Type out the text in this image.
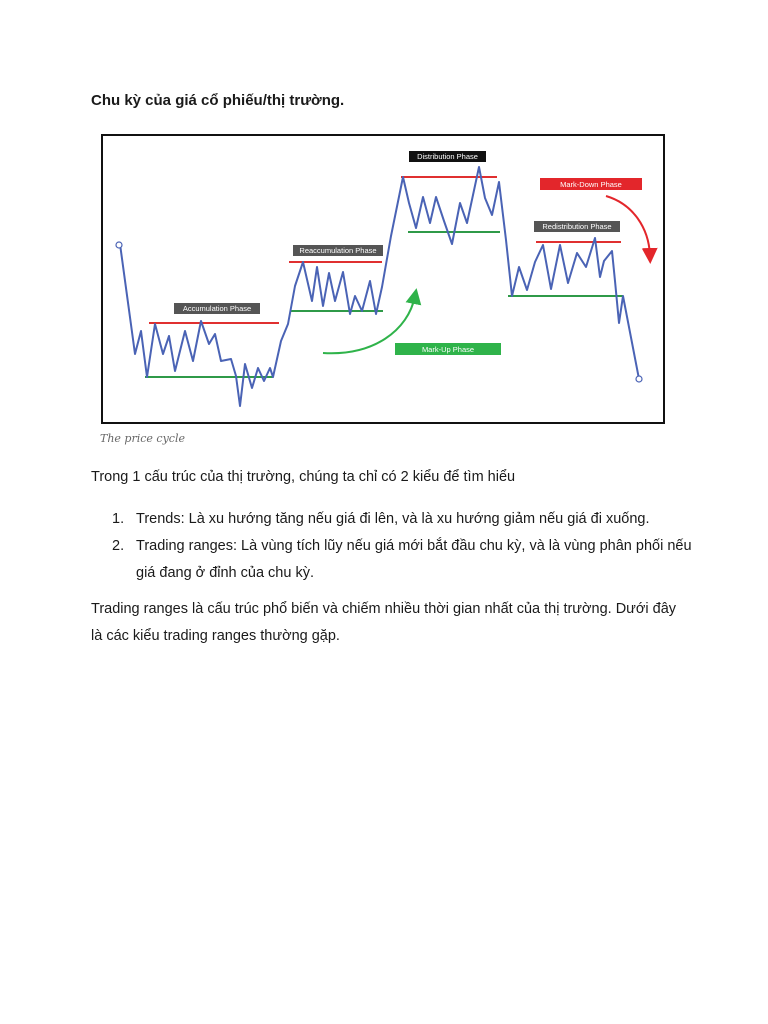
Chu kỳ của giá cổ phiếu/thị trường.
Accumulation Phase
Reaccumulation Phase
Distribution Phase
Redistribution Phase
Mark-Up Phase
Mark-Down Phase
The price cycle

Trong 1 cấu trúc của thị trường, chúng ta chỉ có 2 kiểu để tìm hiểu

1. Trends: Là xu hướng tăng nếu giá đi lên, và là xu hướng giảm nếu giá đi xuống.
2. Trading ranges: Là vùng tích lũy nếu giá mới bắt đầu chu kỳ, và là vùng phân phối nếu giá đang ở đỉnh của chu kỳ.

Trading ranges là cấu trúc phổ biến và chiếm nhiều thời gian nhất của thị trường. Dưới đây là các kiểu trading ranges thường gặp.
